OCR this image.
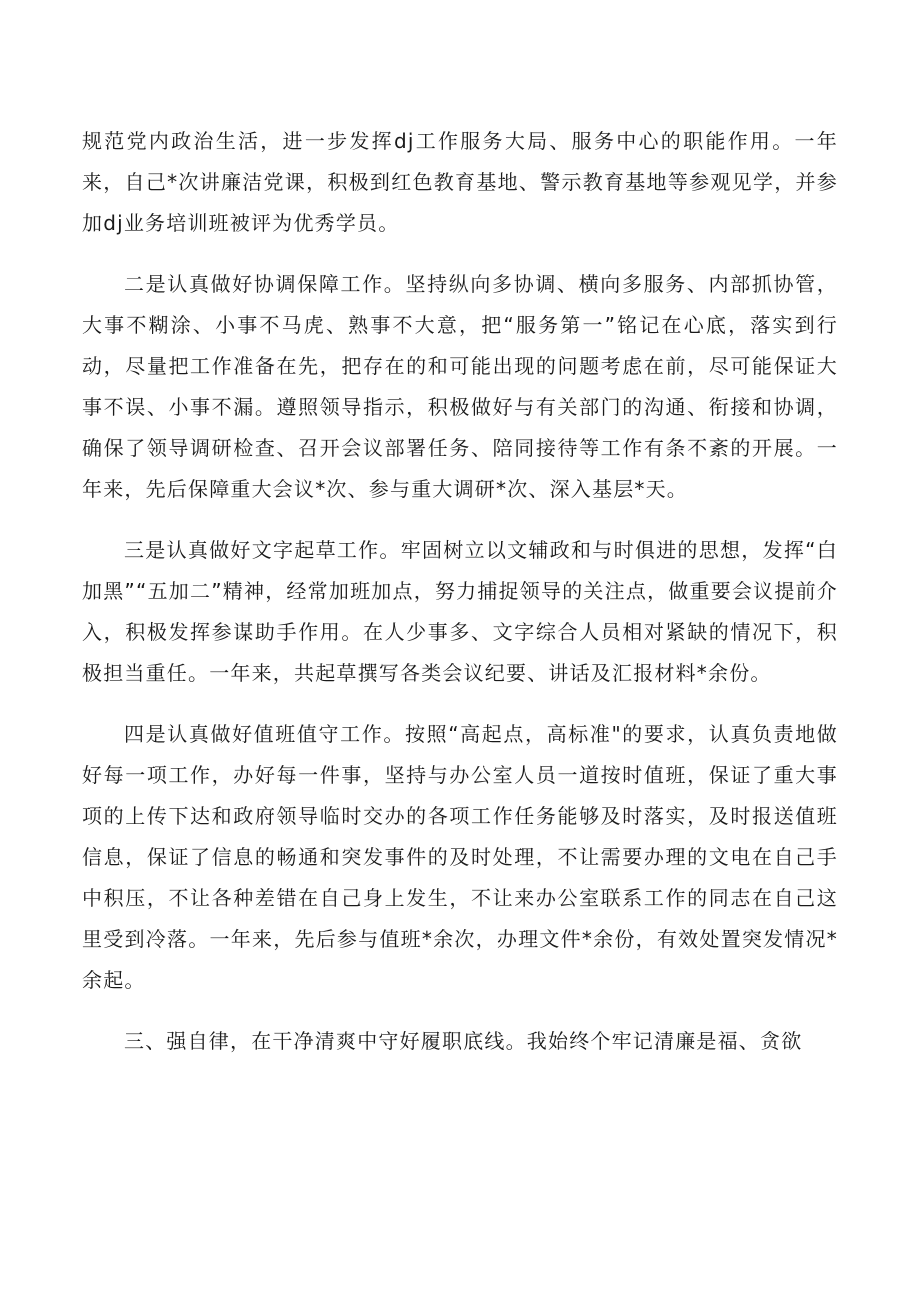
规范党内政治生活，进一步发挥dj工作服务大局、服务中心的职能作用。一年来，自己*次讲廉洁党课，积极到红色教育基地、警示教育基地等参观见学，并参加dj业务培训班被评为优秀学员。

二是认真做好协调保障工作。坚持纵向多协调、横向多服务、内部抓协管，大事不糊涂、小事不马虎、熟事不大意，把“服务第一”铭记在心底，落实到行动，尽量把工作准备在先，把存在的和可能出现的问题考虑在前，尽可能保证大事不误、小事不漏。遵照领导指示，积极做好与有关部门的沟通、衔接和协调，确保了领导调研检查、召开会议部署任务、陪同接待等工作有条不紊的开展。一年来，先后保障重大会议*次、参与重大调研*次、深入基层*天。

三是认真做好文字起草工作。牢固树立以文辅政和与时俱进的思想，发挥“白加黑”“五加二”精神，经常加班加点，努力捕捉领导的关注点，做重要会议提前介入，积极发挥参谋助手作用。在人少事多、文字综合人员相对紧缺的情况下，积极担当重任。一年来，共起草撰写各类会议纪要、讲话及汇报材料*余份。

四是认真做好值班值守工作。按照“高起点，高标准"的要求，认真负责地做好每一项工作，办好每一件事，坚持与办公室人员一道按时值班，保证了重大事项的上传下达和政府领导临时交办的各项工作任务能够及时落实，及时报送值班信息，保证了信息的畅通和突发事件的及时处理，不让需要办理的文电在自己手中积压，不让各种差错在自己身上发生，不让来办公室联系工作的同志在自己这里受到冷落。一年来，先后参与值班*余次，办理文件*余份，有效处置突发情况*余起。

三、强自律，在干净清爽中守好履职底线。我始终个牢记清廉是福、贪欲
